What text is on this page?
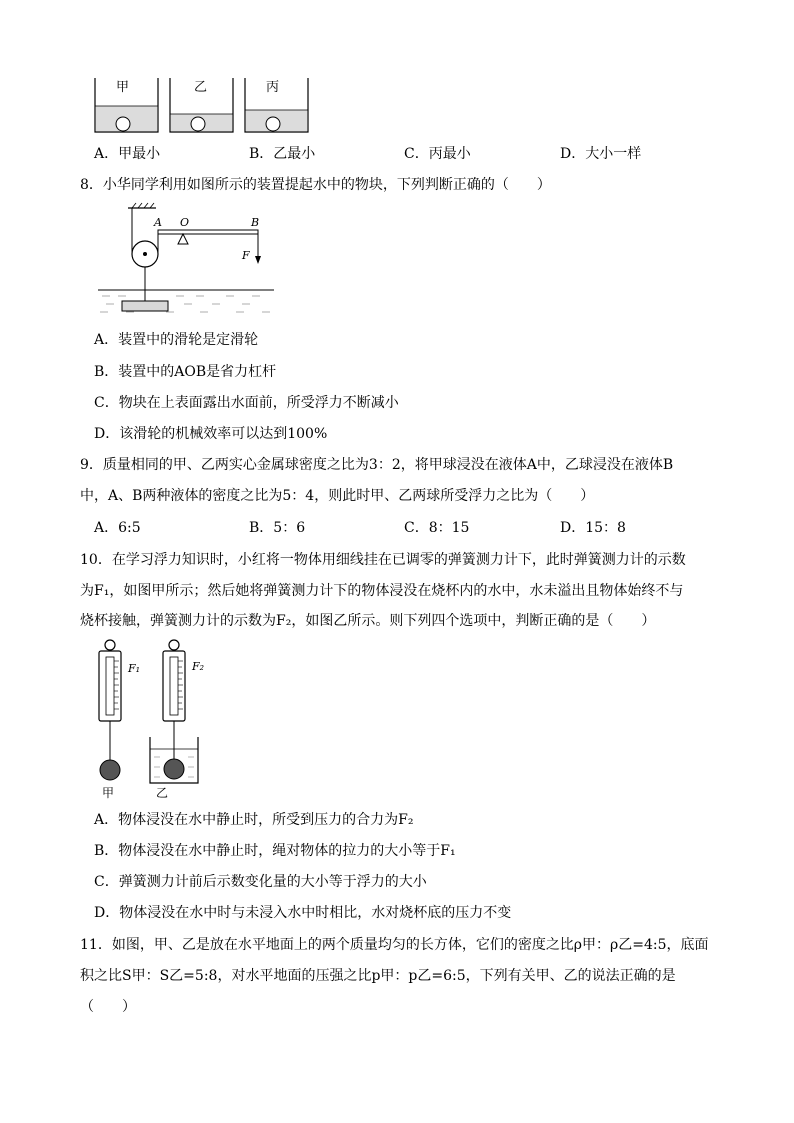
甲	乙	丙
A．甲最小	B．乙最小	C．丙最小	D．大小一样
8．小华同学利用如图所示的装置提起水中的物块，下列判断正确的（　　）
A O	B
F
A．装置中的滑轮是定滑轮
B．装置中的AOB是省力杠杆
C．物块在上表面露出水面前，所受浮力不断减小
D．该滑轮的机械效率可以达到100%
9．质量相同的甲、乙两实心金属球密度之比为3：2，将甲球浸没在液体A中，乙球浸没在液体B
中，A、B两种液体的密度之比为5：4，则此时甲、乙两球所受浮力之比为（　　）
A．6:5	B．5：6	C．8：15	D．15：8
10．在学习浮力知识时，小红将一物体用细线挂在已调零的弹簧测力计下，此时弹簧测力计的示数
为F₁，如图甲所示；然后她将弹簧测力计下的物体浸没在烧杯内的水中，水未溢出且物体始终不与
烧杯接触，弹簧测力计的示数为F₂，如图乙所示。则下列四个选项中，判断正确的是（　　）
F₁	F₂
甲	乙
A．物体浸没在水中静止时，所受到压力的合力为F₂
B．物体浸没在水中静止时，绳对物体的拉力的大小等于F₁
C．弹簧测力计前后示数变化量的大小等于浮力的大小
D．物体浸没在水中时与未浸入水中时相比，水对烧杯底的压力不变
11．如图，甲、乙是放在水平地面上的两个质量均匀的长方体，它们的密度之比ρ甲：ρ乙=4:5，底面
积之比S甲：S乙=5:8，对水平地面的压强之比p甲：p乙=6:5，下列有关甲、乙的说法正确的是
（　　）
